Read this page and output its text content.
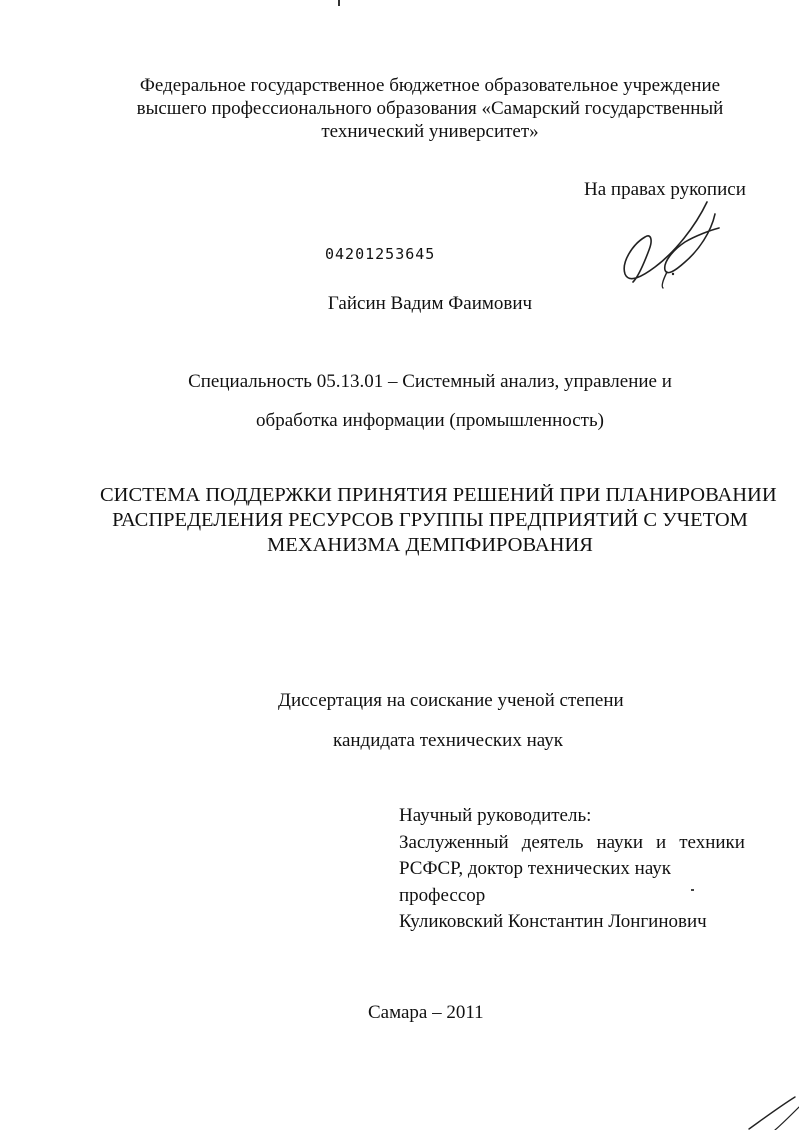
Федеральное государственное бюджетное образовательное учреждение
высшего профессионального образования «Самарский государственный
технический университет»
На правах рукописи
04201253645
Гайсин Вадим Фаимович
Специальность 05.13.01 – Системный анализ, управление и
обработка информации (промышленность)
СИСТЕМА ПОДДЕРЖКИ ПРИНЯТИЯ РЕШЕНИЙ ПРИ ПЛАНИРОВАНИИ
РАСПРЕДЕЛЕНИЯ РЕСУРСОВ ГРУППЫ ПРЕДПРИЯТИЙ С УЧЕТОМ
МЕХАНИЗМА ДЕМПФИРОВАНИЯ
Диссертация на соискание ученой степени
кандидата технических наук
Научный руководитель:
Заслуженный деятель науки и техники
РСФСР, доктор технических наук
профессор
Куликовский Константин Лонгинович
Самара – 2011
